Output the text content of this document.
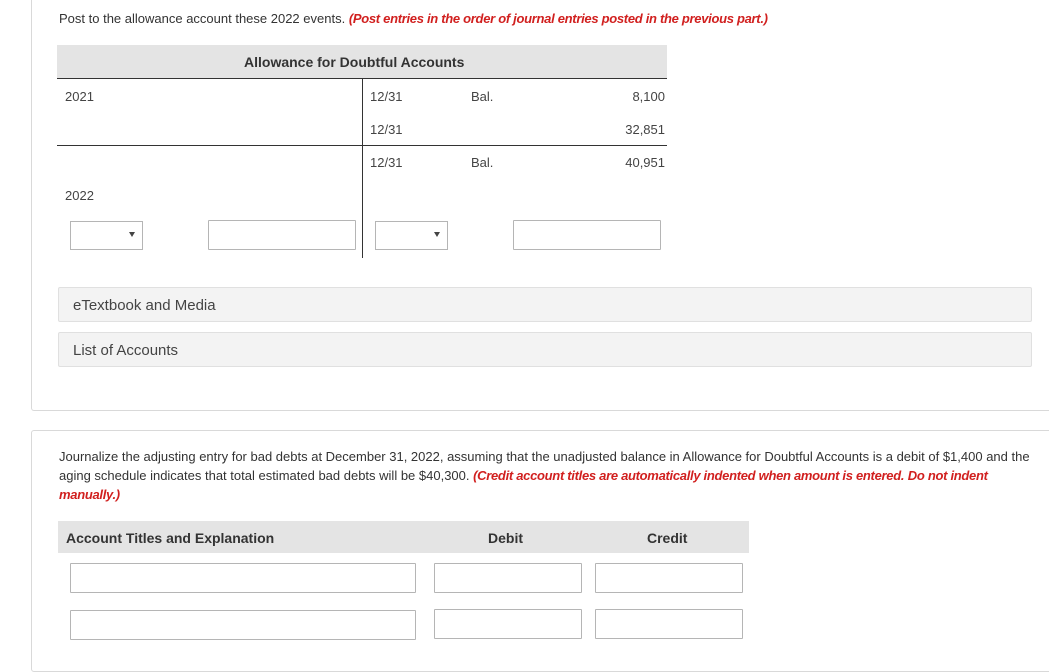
Post to the allowance account these 2022 events. (Post entries in the order of journal entries posted in the previous part.)
Allowance for Doubtful Accounts
2021
2022
12/31	Bal.	8,100
12/31	32,851
12/31	Bal.	40,951
eTextbook and Media
List of Accounts
Journalize the adjusting entry for bad debts at December 31, 2022, assuming that the unadjusted balance in Allowance for Doubtful Accounts is a debit of $1,400 and the aging schedule indicates that total estimated bad debts will be $40,300. (Credit account titles are automatically indented when amount is entered. Do not indent manually.)
Account Titles and Explanation	Debit	Credit
